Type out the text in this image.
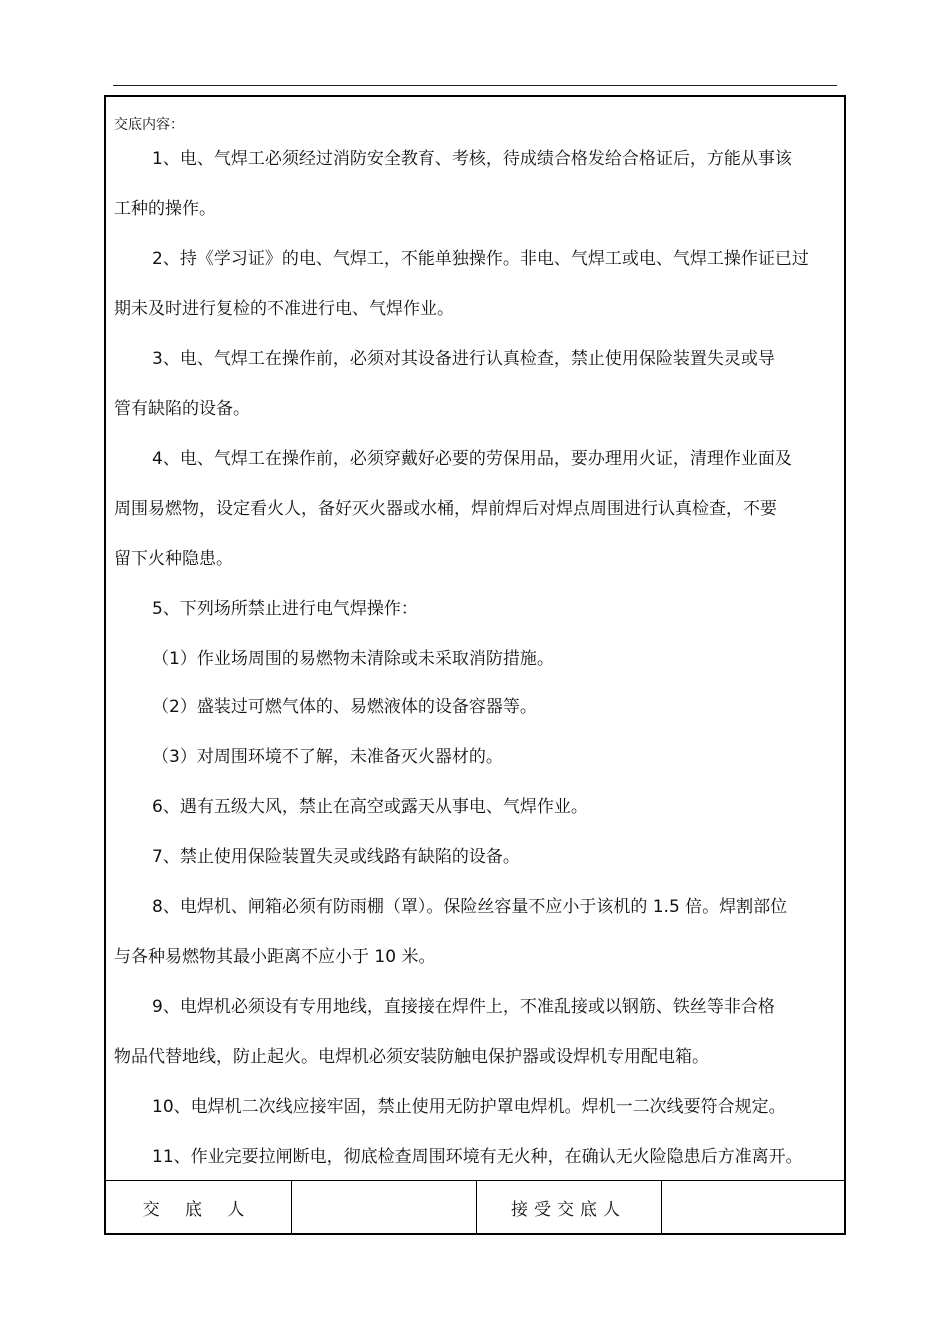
交底内容：
1、电、气焊工必须经过消防安全教育、考核，待成绩合格发给合格证后，方能从事该
工种的操作。
2、持《学习证》的电、气焊工，不能单独操作。非电、气焊工或电、气焊工操作证已过
期未及时进行复检的不准进行电、气焊作业。
3、电、气焊工在操作前，必须对其设备进行认真检查，禁止使用保险装置失灵或导
管有缺陷的设备。
4、电、气焊工在操作前，必须穿戴好必要的劳保用品，要办理用火证，清理作业面及
周围易燃物，设定看火人，备好灭火器或水桶，焊前焊后对焊点周围进行认真检查，不要
留下火种隐患。
5、下列场所禁止进行电气焊操作：
（1）作业场周围的易燃物未清除或未采取消防措施。
（2）盛装过可燃气体的、易燃液体的设备容器等。
（3）对周围环境不了解，未准备灭火器材的。
6、遇有五级大风，禁止在高空或露天从事电、气焊作业。
7、禁止使用保险装置失灵或线路有缺陷的设备。
8、电焊机、闸箱必须有防雨棚（罩）。保险丝容量不应小于该机的 1.5 倍。焊割部位
与各种易燃物其最小距离不应小于 10 米。
9、电焊机必须设有专用地线，直接接在焊件上，不准乱接或以钢筋、铁丝等非合格
物品代替地线，防止起火。电焊机必须安装防触电保护器或设焊机专用配电箱。
10、电焊机二次线应接牢固，禁止使用无防护罩电焊机。焊机一二次线要符合规定。
11、作业完要拉闸断电，彻底检查周围环境有无火种，在确认无火险隐患后方准离开。
交 底 人	接受交底人
